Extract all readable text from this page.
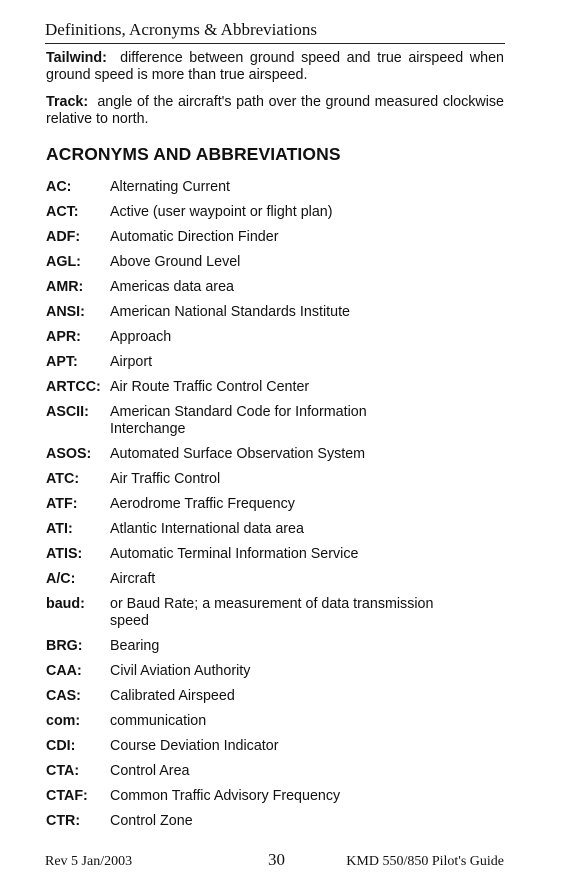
Definitions, Acronyms & Abbreviations

Tailwind: difference between ground speed and true airspeed when ground speed is more than true airspeed.

Track: angle of the aircraft's path over the ground measured clockwise relative to north.

ACRONYMS AND ABBREVIATIONS
AC:	Alternating Current
ACT:	Active (user waypoint or flight plan)
ADF:	Automatic Direction Finder
AGL:	Above Ground Level
AMR:	Americas data area
ANSI:	American National Standards Institute
APR:	Approach
APT:	Airport
ARTCC: Air Route Traffic Control Center
ASCII:	American Standard Code for Information Interchange
ASOS:	Automated Surface Observation System
ATC:	Air Traffic Control
ATF:	Aerodrome Traffic Frequency
ATI:	Atlantic International data area
ATIS:	Automatic Terminal Information Service
A/C:	Aircraft
baud:	or Baud Rate; a measurement of data transmission speed
BRG:	Bearing
CAA:	Civil Aviation Authority
CAS:	Calibrated Airspeed
com:	communication
CDI:	Course Deviation Indicator
CTA:	Control Area
CTAF:	Common Traffic Advisory Frequency
CTR:	Control Zone
Rev 5 Jan/2003	30	KMD 550/850 Pilot's Guide
